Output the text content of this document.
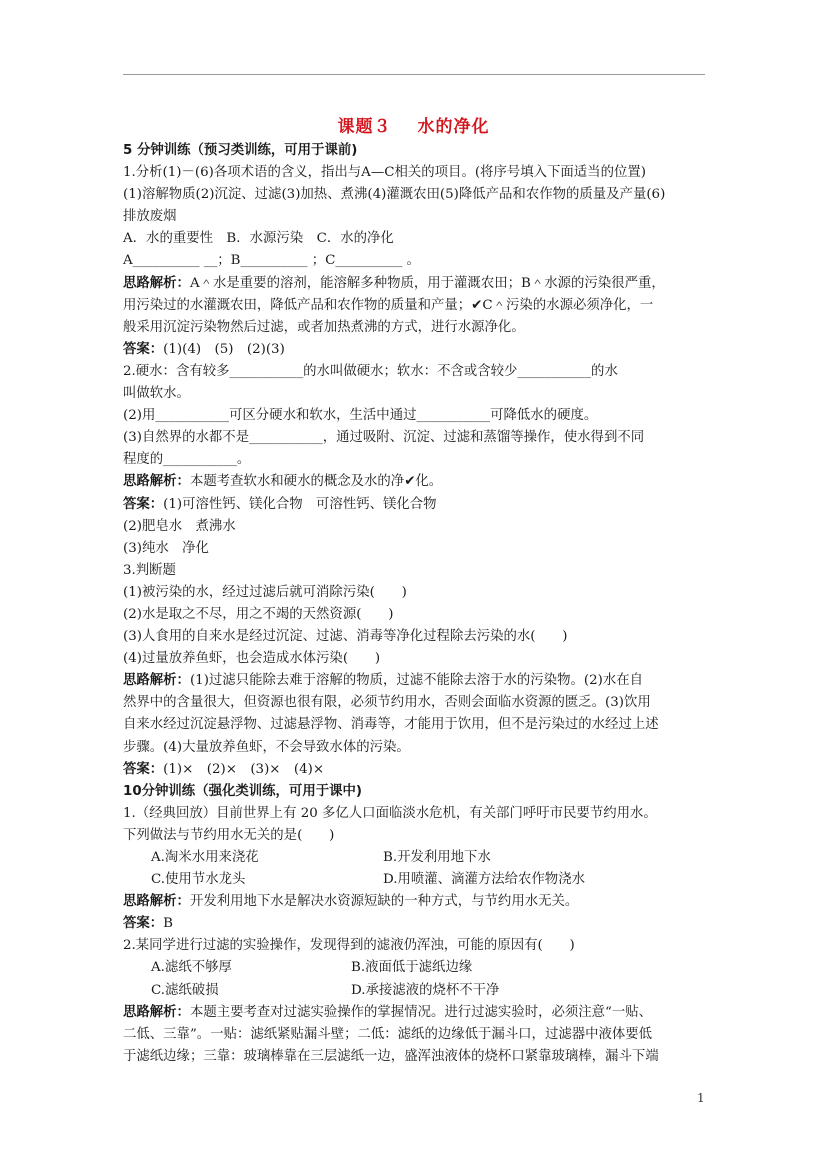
课题３ 水的净化
5 分钟训练（预习类训练，可用于课前)
1.分析(1)－(6)各项术语的含义，指出与A—C相关的项目。(将序号填入下面适当的位置)
(1)溶解物质(2)沉淀、过滤(3)加热、煮沸(4)灌溉农田(5)降低产品和农作物的质量及产量(6)
排放废烟
A．水的重要性　B．水源污染　C．水的净化
A__________ __；B__________ ；C__________ 。
思路解析：A＾水是重要的溶剂，能溶解多种物质，用于灌溉农田；B＾水源的污染很严重，
用污染过的水灌溉农田，降低产品和农作物的质量和产量；✔C＾污染的水源必须净化，一
般采用沉淀污染物然后过滤，或者加热煮沸的方式，进行水源净化。
答案：(1)(4)　(5)　(2)(3)
2.硬水：含有较多___________的水叫做硬水；软水：不含或含较少___________的水
叫做软水。
(2)用___________可区分硬水和软水，生活中通过___________可降低水的硬度。
(3)自然界的水都不是___________，通过吸附、沉淀、过滤和蒸馏等操作，使水得到不同
程度的___________。
思路解析：本题考查软水和硬水的概念及水的净✔化。
答案：(1)可溶性钙、镁化合物　可溶性钙、镁化合物
(2)肥皂水　煮沸水
(3)纯水　净化
3.判断题
(1)被污染的水，经过过滤后就可消除污染(　　)
(2)水是取之不尽，用之不竭的天然资源(　　)
(3)人食用的自来水是经过沉淀、过滤、消毒等净化过程除去污染的水(　　)
(4)过量放养鱼虾，也会造成水体污染(　　)
思路解析：(1)过滤只能除去难于溶解的物质，过滤不能除去溶于水的污染物。(2)水在自
然界中的含量很大，但资源也很有限，必须节约用水，否则会面临水资源的匮乏。(3)饮用
自来水经过沉淀悬浮物、过滤悬浮物、消毒等，才能用于饮用，但不是污染过的水经过上述
步骤。(4)大量放养鱼虾，不会导致水体的污染。
答案：(1)×　(2)×　(3)×　(4)×
10分钟训练（强化类训练，可用于课中)
1.（经典回放）目前世界上有 20 多亿人口面临淡水危机，有关部门呼吁市民要节约用水。
下列做法与节约用水无关的是(　　)
A.淘米水用来浇花	B.开发利用地下水
C.使用节水龙头	D.用喷灌、滴灌方法给农作物浇水
思路解析：开发利用地下水是解决水资源短缺的一种方式，与节约用水无关。
答案：B
2.某同学进行过滤的实验操作，发现得到的滤液仍浑浊，可能的原因有(　　)
A.滤纸不够厚	B.液面低于滤纸边缘
C.滤纸破损	D.承接滤液的烧杯不干净
思路解析：本题主要考查对过滤实验操作的掌握情况。进行过滤实验时，必须注意“一贴、
二低、三靠”。一贴：滤纸紧贴漏斗壁；二低：滤纸的边缘低于漏斗口，过滤器中液体要低
于滤纸边缘；三靠：玻璃棒靠在三层滤纸一边，盛浑浊液体的烧杯口紧靠玻璃棒，漏斗下端
1
